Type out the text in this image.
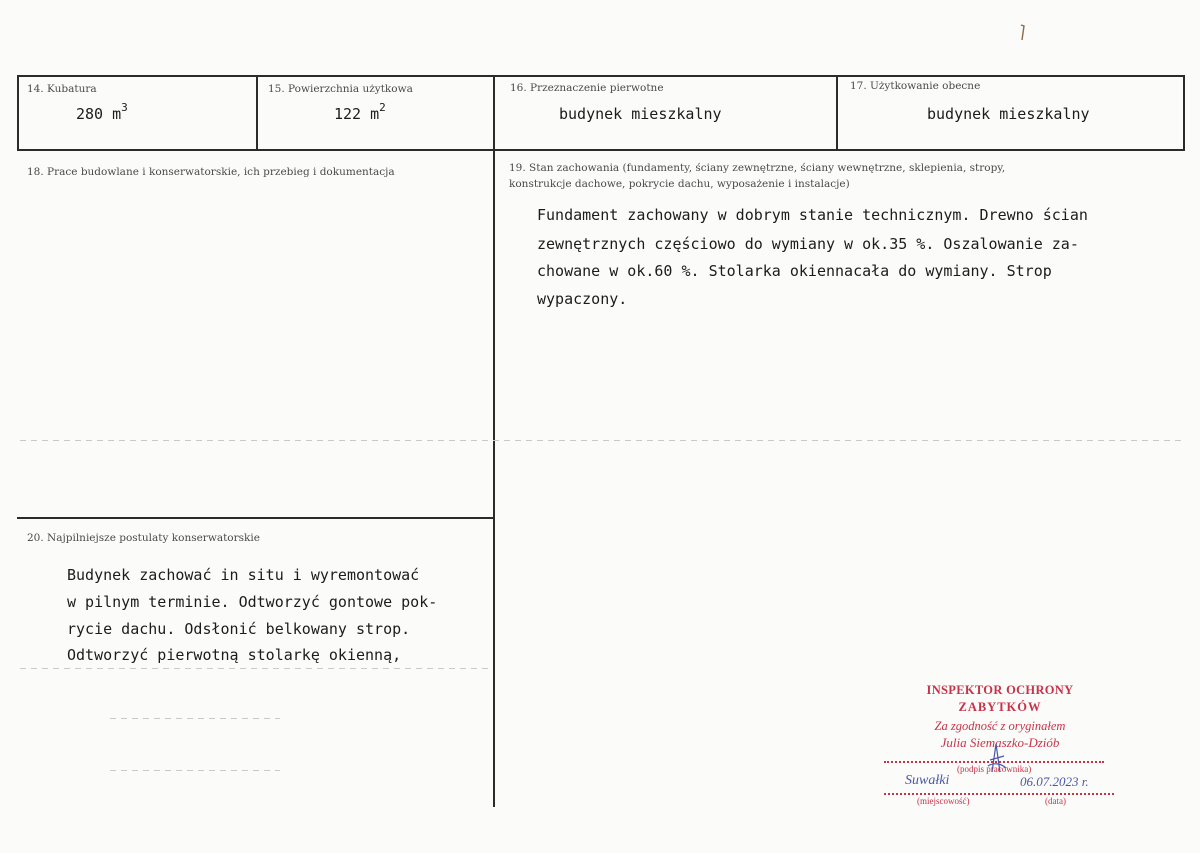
14. Kubatura
280 $m^3$
15. Powierzchnia użytkowa
122 $m^2$
16. Przeznaczenie pierwotne
budynek mieszkalny
17. Użytkowanie obecne
budynek mieszkalny
18. Prace budowlane i konserwatorskie, ich przebieg i dokumentacja	19. Stan zachowania (fundamenty, ściany zewnętrzne, ściany wewnętrzne, sklepienia, stropy,
konstrukcje dachowe, pokrycie dachu, wyposażenie i instalacje)
Fundament zachowany w dobrym stanie technicznym. Drewno ścian
zewnętrznych częściowo do wymiany w ok.35 %. Oszalowanie za-
chowane w ok.60 %. Stolarka okiennacała do wymiany. Strop
wypaczony.
20. Najpilniejsze postulaty konserwatorskie
Budynek zachować in situ i wyremontować
w pilnym terminie. Odtworzyć gontowe pok-
rycie dachu. Odsłonić belkowany strop.
Odtworzyć pierwotną stolarkę okienną,
INSPEKTOR OCHRONY
ZABYTKÓW
Za zgodność z oryginałem
Julia Siemaszko-Dziób
(podpis pracownika)
Suwałki	06.07.2023 r.
(miejscowość)	(data)
